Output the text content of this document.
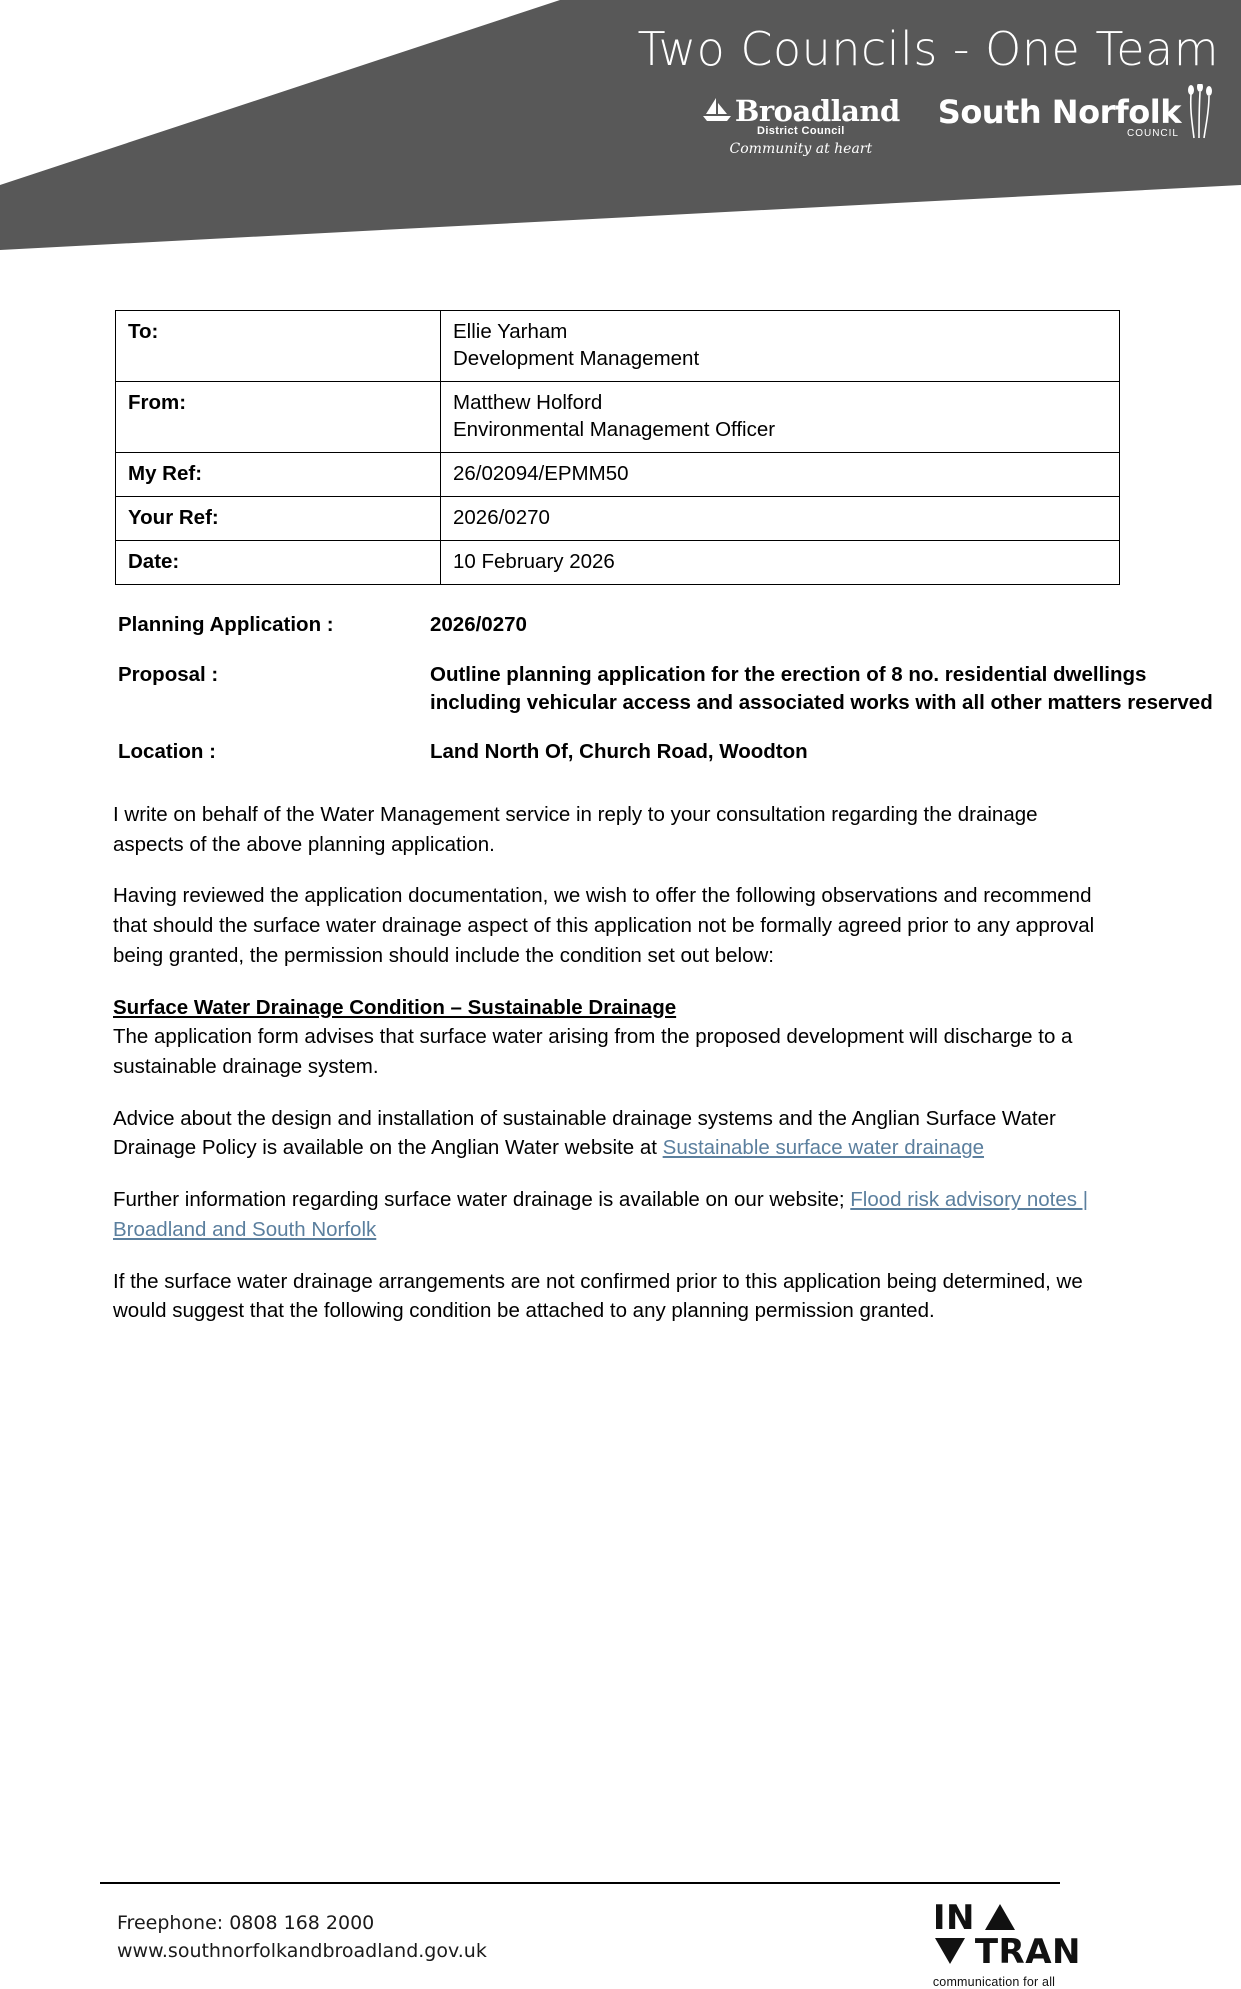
Two Councils - One Team
Broadland
District Council
Community at heart
South Norfolk
COUNCIL
To:	Ellie Yarham
Development Management
From:	Matthew Holford
Environmental Management Officer
My Ref:	26/02094/EPMM50
Your Ref:	2026/0270
Date:	10 February 2026
Planning Application :	2026/0270
Proposal :	Outline planning application for the erection of 8 no. residential dwellings including vehicular access and associated works with all other matters reserved
Location :	Land North Of, Church Road, Woodton

I write on behalf of the Water Management service in reply to your consultation regarding the drainage aspects of the above planning application.

Having reviewed the application documentation, we wish to offer the following observations and recommend that should the surface water drainage aspect of this application not be formally agreed prior to any approval being granted, the permission should include the condition set out below:

Surface Water Drainage Condition – Sustainable Drainage
The application form advises that surface water arising from the proposed development will discharge to a sustainable drainage system.

Advice about the design and installation of sustainable drainage systems and the Anglian Surface Water Drainage Policy is available on the Anglian Water website at Sustainable surface water drainage

Further information regarding surface water drainage is available on our website; Flood risk advisory notes | Broadland and South Norfolk

If the surface water drainage arrangements are not confirmed prior to this application being determined, we would suggest that the following condition be attached to any planning permission granted.

Freephone: 0808 168 2000
www.southnorfolkandbroadland.gov.uk
IN
TRAN
communication for all
